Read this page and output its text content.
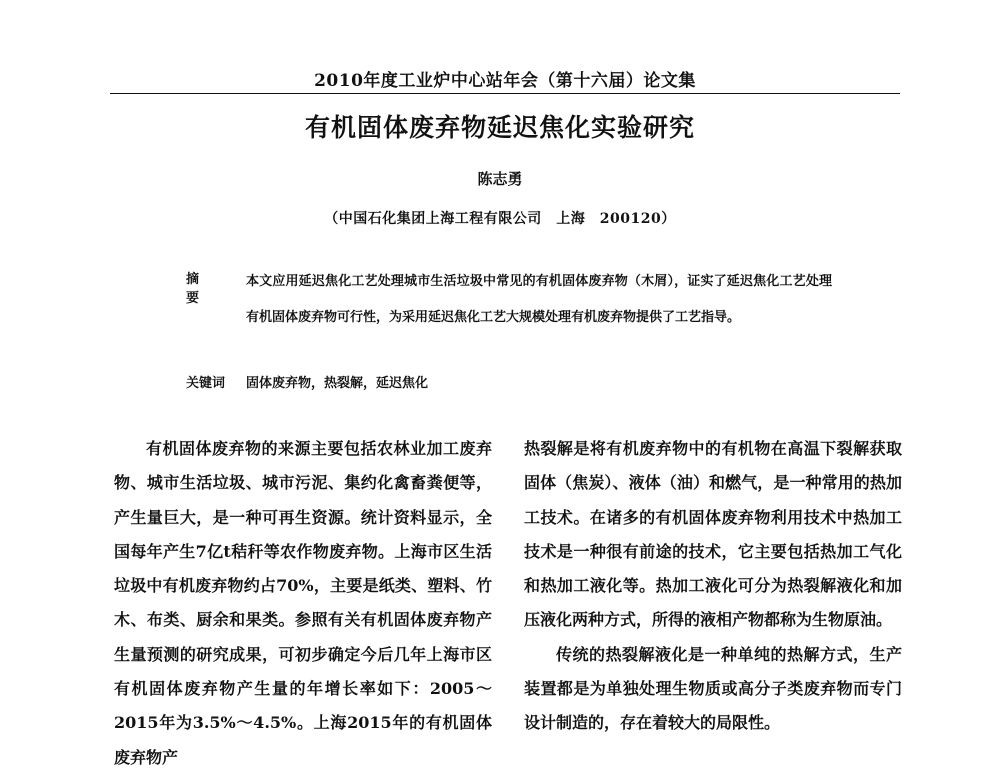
2010年度工业炉中心站年会（第十六届）论文集
有机固体废弃物延迟焦化实验研究
陈志勇
（中国石化集团上海工程有限公司　上海　200120）
摘要
本文应用延迟焦化工艺处理城市生活垃圾中常见的有机固体废弃物（木屑），证实了延迟焦化工艺处理有机固体废弃物可行性，为采用延迟焦化工艺大规模处理有机废弃物提供了工艺指导。
关键词	固体废弃物，热裂解，延迟焦化

有机固体废弃物的来源主要包括农林业加工废弃物、城市生活垃圾、城市污泥、集约化禽畜粪便等，产生量巨大，是一种可再生资源。统计资料显示，全国每年产生7亿t秸秆等农作物废弃物。上海市区生活垃圾中有机废弃物约占70%，主要是纸类、塑料、竹木、布类、厨余和果类。参照有关有机固体废弃物产生量预测的研究成果，可初步确定今后几年上海市区有机固体废弃物产生量的年增长率如下：2005～2015年为3.5%～4.5%。上海2015年的有机固体废弃物产

热裂解是将有机废弃物中的有机物在高温下裂解获取固体（焦炭）、液体（油）和燃气，是一种常用的热加工技术。在诸多的有机固体废弃物利用技术中热加工技术是一种很有前途的技术，它主要包括热加工气化和热加工液化等。热加工液化可分为热裂解液化和加压液化两种方式，所得的液相产物都称为生物原油。

传统的热裂解液化是一种单纯的热解方式，生产装置都是为单独处理生物质或高分子类废弃物而专门设计制造的，存在着较大的局限性。
